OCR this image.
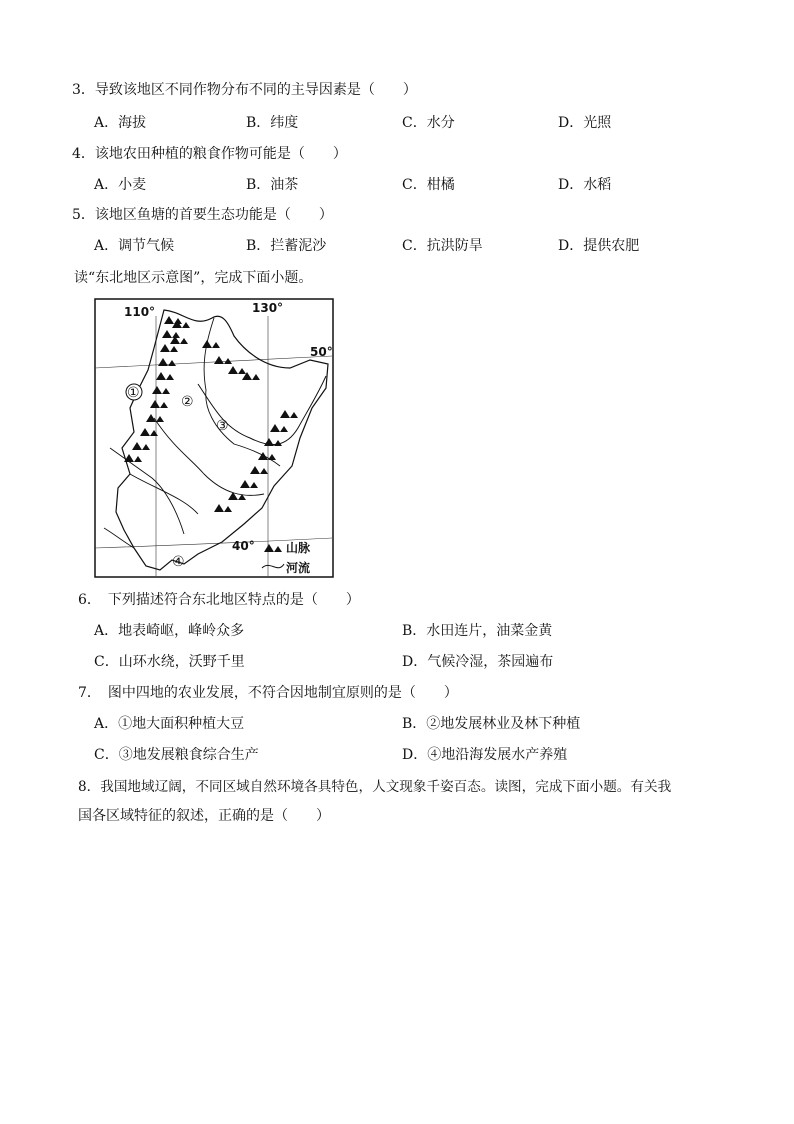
3．导致该地区不同作物分布不同的主导因素是（　　）
A．海拔	B．纬度	C．水分	D．光照
4．该地农田种植的粮食作物可能是（　　）
A．小麦	B．油茶	C．柑橘	D．水稻
5．该地区鱼塘的首要生态功能是（　　）
A．调节气候	B．拦蓄泥沙	C．抗洪防旱	D．提供农肥
读“东北地区示意图”，完成下面小题。
110°	130°
50°
40°
①
②
③
④
山脉
河流
6．　下列描述符合东北地区特点的是（　　）
A．地表崎岖，峰岭众多	B．水田连片，油菜金黄
C．山环水绕，沃野千里	D．气候冷湿，茶园遍布
7．　图中四地的农业发展，不符合因地制宜原则的是（　　）
A．①地大面积种植大豆	B．②地发展林业及林下种植
C．③地发展粮食综合生产	D．④地沿海发展水产养殖
8．我国地域辽阔，不同区域自然环境各具特色，人文现象千姿百态。读图，完成下面小题。有关我
国各区域特征的叙述，正确的是（　　）
